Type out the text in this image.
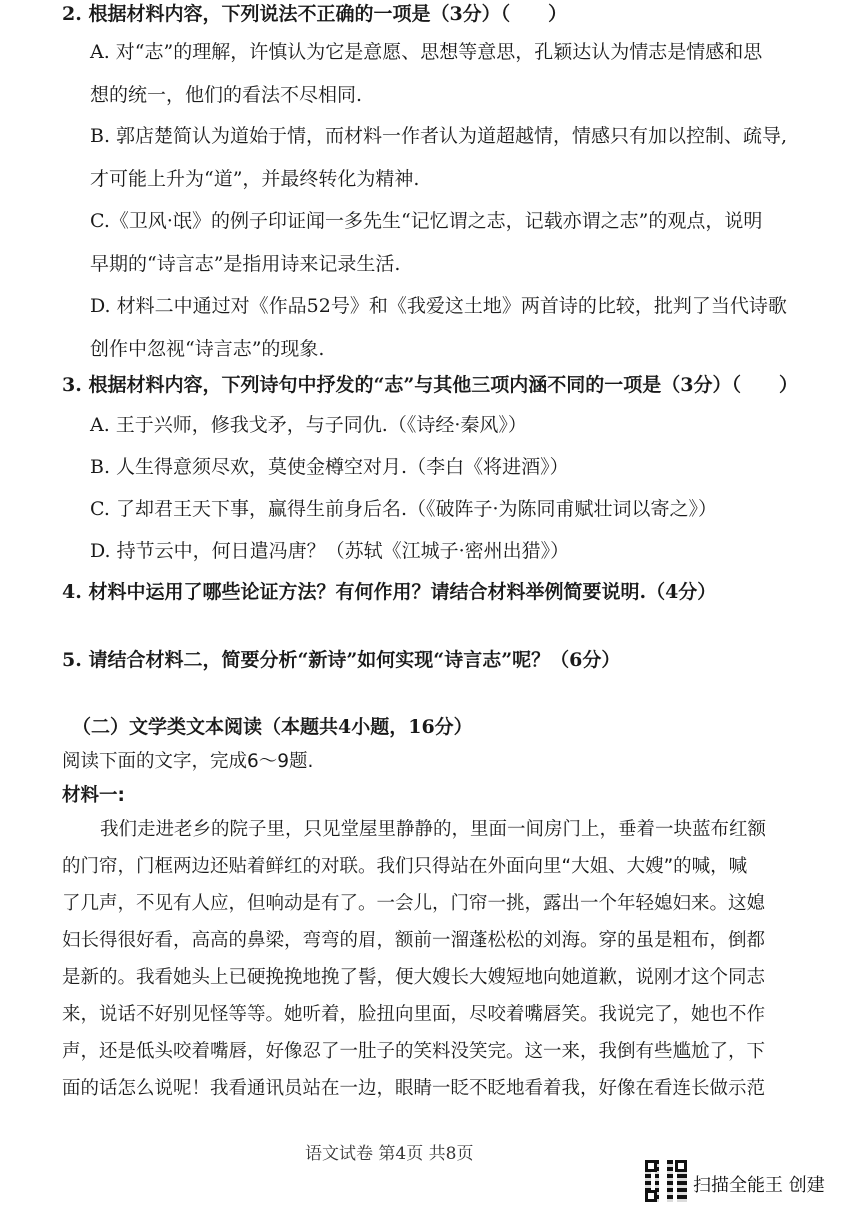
2. 根据材料内容，下列说法不正确的一项是（3分）（　　）
A. 对“志”的理解，许慎认为它是意愿、思想等意思，孔颖达认为情志是情感和思
想的统一，他们的看法不尽相同.
B. 郭店楚简认为道始于情，而材料一作者认为道超越情，情感只有加以控制、疏导,
才可能上升为“道”，并最终转化为精神.
C.《卫风·氓》的例子印证闻一多先生“记忆谓之志，记载亦谓之志”的观点，说明
早期的“诗言志”是指用诗来记录生活.
D. 材料二中通过对《作品52号》和《我爱这土地》两首诗的比较，批判了当代诗歌
创作中忽视“诗言志”的现象.
3. 根据材料内容，下列诗句中抒发的“志”与其他三项内涵不同的一项是（3分）（　　）
A. 王于兴师，修我戈矛，与子同仇.（《诗经·秦风》）
B. 人生得意须尽欢，莫使金樽空对月.（李白《将进酒》）
C. 了却君王天下事，赢得生前身后名.（《破阵子·为陈同甫赋壮词以寄之》）
D. 持节云中，何日遣冯唐？（苏轼《江城子·密州出猎》）
4. 材料中运用了哪些论证方法？有何作用？请结合材料举例简要说明.（4分）
5. 请结合材料二，简要分析“新诗”如何实现“诗言志”呢？（6分）
（二）文学类文本阅读（本题共4小题，16分）
阅读下面的文字，完成6～9题.
材料一:
我们走进老乡的院子里，只见堂屋里静静的，里面一间房门上，垂着一块蓝布红额
的门帘，门框两边还贴着鲜红的对联。我们只得站在外面向里“大姐、大嫂”的喊，喊
了几声，不见有人应，但响动是有了。一会儿，门帘一挑，露出一个年轻媳妇来。这媳
妇长得很好看，高高的鼻梁，弯弯的眉，额前一溜蓬松松的刘海。穿的虽是粗布，倒都
是新的。我看她头上已硬挽挽地挽了髻，便大嫂长大嫂短地向她道歉，说刚才这个同志
来，说话不好别见怪等等。她听着，脸扭向里面，尽咬着嘴唇笑。我说完了，她也不作
声，还是低头咬着嘴唇，好像忍了一肚子的笑料没笑完。这一来，我倒有些尴尬了，下
面的话怎么说呢！我看通讯员站在一边，眼睛一眨不眨地看着我，好像在看连长做示范
语文试卷 第4页 共8页
扫描全能王 创建
